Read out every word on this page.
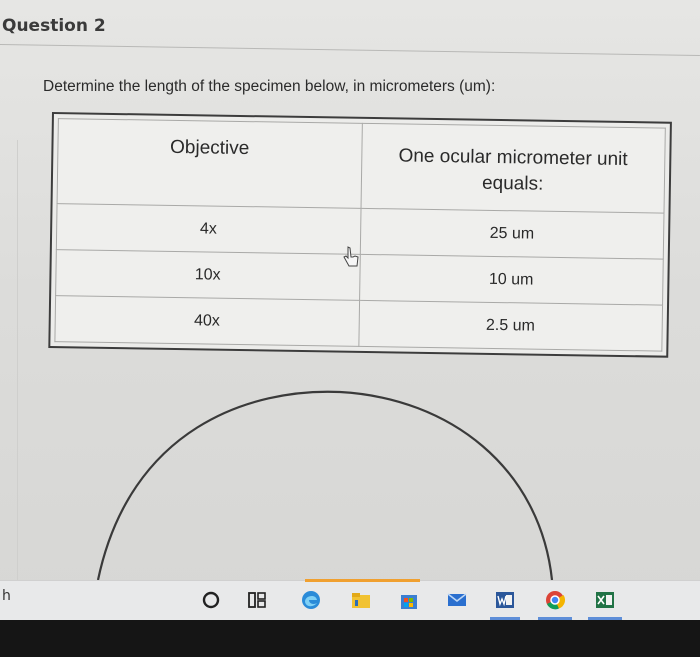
Question 2
Determine the length of the specimen below, in micrometers (um):
Objective	One ocular micrometer unit equals:
4x	25 um
10x	10 um
40x	2.5 um
h
